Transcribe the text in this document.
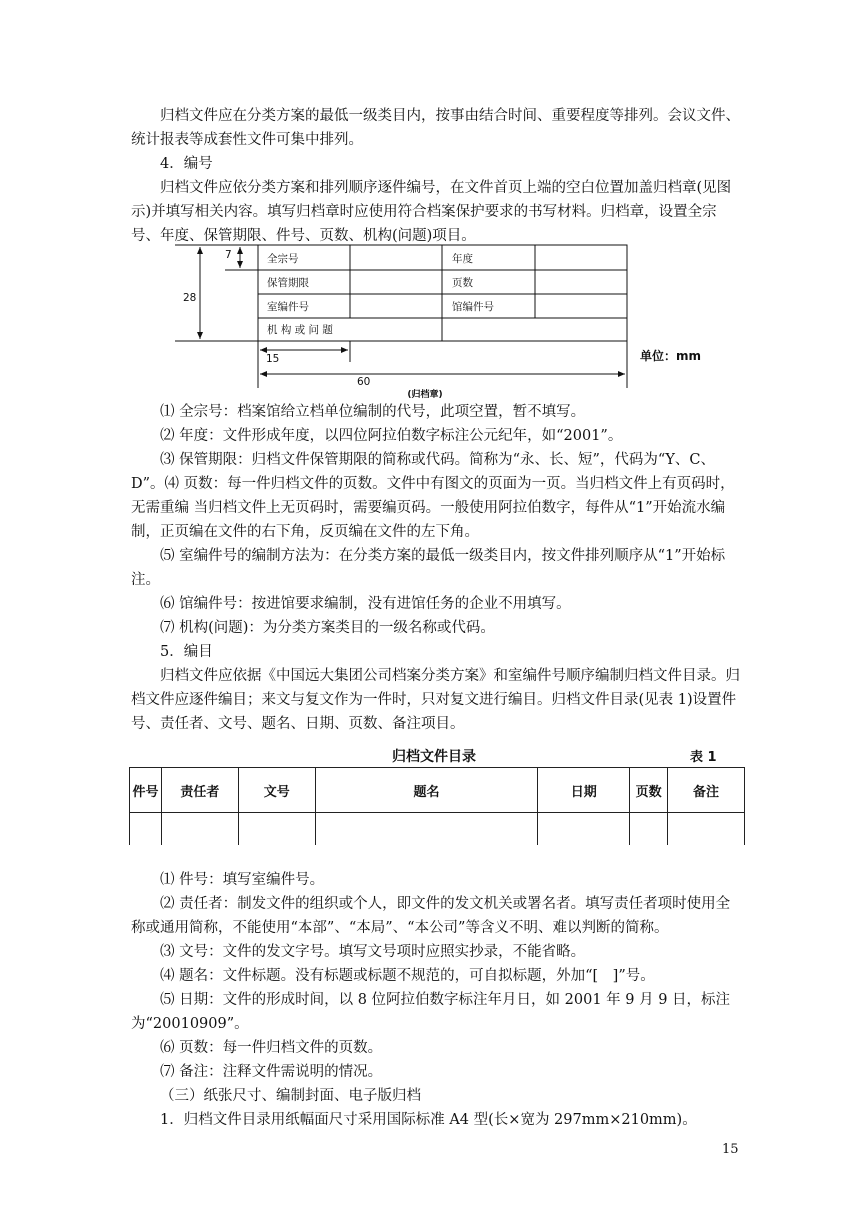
归档文件应在分类方案的最低一级类目内，按事由结合时间、重要程度等排列。会议文件、统计报表等成套性文件可集中排列。

4．编号

归档文件应依分类方案和排列顺序逐件编号，在文件首页上端的空白位置加盖归档章(见图示)并填写相关内容。填写归档章时应使用符合档案保护要求的书写材料。归档章，设置全宗号、年度、保管期限、件号、页数、机构(问题)项目。

7
28
15
60
全宗号	年度
保管期限	页数
室编件号	馆编件号
机 构 或 问 题
单位：mm
(归档章)

⑴ 全宗号：档案馆给立档单位编制的代号，此项空置，暂不填写。

⑵ 年度：文件形成年度，以四位阿拉伯数字标注公元纪年，如“2001”。

⑶ 保管期限：归档文件保管期限的简称或代码。简称为“永、长、短”，代码为“Y、C、D”。⑷ 页数：每一件归档文件的页数。文件中有图文的页面为一页。当归档文件上有页码时，无需重编 当归档文件上无页码时，需要编页码。一般使用阿拉伯数字，每件从“1”开始流水编制，正页编在文件的右下角，反页编在文件的左下角。

⑸ 室编件号的编制方法为：在分类方案的最低一级类目内，按文件排列顺序从“1”开始标注。

⑹ 馆编件号：按进馆要求编制，没有进馆任务的企业不用填写。

⑺ 机构(问题)：为分类方案类目的一级名称或代码。

5．编目

归档文件应依据《中国远大集团公司档案分类方案》和室编件号顺序编制归档文件目录。归档文件应逐件编目；来文与复文作为一件时，只对复文进行编目。归档文件目录(见表 1)设置件号、责任者、文号、题名、日期、页数、备注项目。

归档文件目录	表 1
件号	责任者	文号	题名	日期	页数	备注

⑴ 件号：填写室编件号。

⑵ 责任者：制发文件的组织或个人，即文件的发文机关或署名者。填写责任者项时使用全称或通用简称，不能使用“本部”、“本局”、“本公司”等含义不明、难以判断的简称。

⑶ 文号：文件的发文字号。填写文号项时应照实抄录，不能省略。

⑷ 题名：文件标题。没有标题或标题不规范的，可自拟标题，外加“[　]”号。

⑸ 日期：文件的形成时间，以 8 位阿拉伯数字标注年月日，如 2001 年 9 月 9 日，标注为“20010909”。

⑹ 页数：每一件归档文件的页数。

⑺ 备注：注释文件需说明的情况。

（三）纸张尺寸、编制封面、电子版归档
1．归档文件目录用纸幅面尺寸采用国际标准 A4 型(长×宽为 297mm×210mm)。
15
